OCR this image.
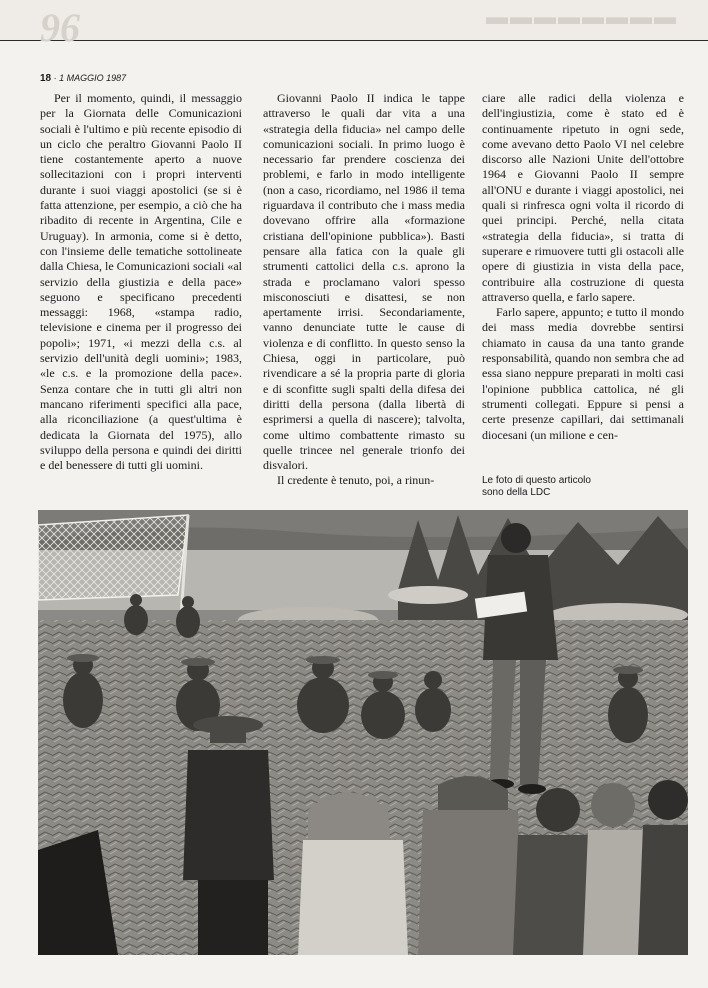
96	▬▬▬▬▬▬▬▬
18 · 1 MAGGIO 1987

Per il momento, quindi, il messaggio per la Giornata delle Comunicazioni sociali è l'ultimo e più recente episodio di un ciclo che peraltro Giovanni Paolo II tiene costantemente aperto a nuove sollecitazioni con i propri interventi durante i suoi viaggi apostolici (se si è fatta attenzione, per esempio, a ciò che ha ribadito di recente in Argentina, Cile e Uruguay). In armonia, come si è detto, con l'insieme delle tematiche sottolineate dalla Chiesa, le Comunicazioni sociali «al servizio della giustizia e della pace» seguono e specificano precedenti messaggi: 1968, «stampa radio, televisione e cinema per il progresso dei popoli»; 1971, «i mezzi della c.s. al servizio dell'unità degli uomini»; 1983, «le c.s. e la promozione della pace». Senza contare che in tutti gli altri non mancano riferimenti specifici alla pace, alla riconciliazione (a quest'ultima è dedicata la Giornata del 1975), allo sviluppo della persona e quindi dei diritti e del benessere di tutti gli uomini.

Giovanni Paolo II indica le tappe attraverso le quali dar vita a una «strategia della fiducia» nel campo delle comunicazioni sociali. In primo luogo è necessario far prendere coscienza dei problemi, e farlo in modo intelligente (non a caso, ricordiamo, nel 1986 il tema riguardava il contributo che i mass media dovevano offrire alla «formazione cristiana dell'opinione pubblica»). Basti pensare alla fatica con la quale gli strumenti cattolici della c.s. aprono la strada e proclamano valori spesso misconosciuti e disattesi, se non apertamente irrisi. Secondariamente, vanno denunciate tutte le cause di violenza e di conflitto. In questo senso la Chiesa, oggi in particolare, può rivendicare a sé la propria parte di gloria e di sconfitte sugli spalti della difesa dei diritti della persona (dalla libertà di esprimersi a quella di nascere); talvolta, come ultimo combattente rimasto su quelle trincee nel generale trionfo dei disvalori.

Il credente è tenuto, poi, a rinun-

ciare alle radici della violenza e dell'ingiustizia, come è stato ed è continuamente ripetuto in ogni sede, come avevano detto Paolo VI nel celebre discorso alle Nazioni Unite dell'ottobre 1964 e Giovanni Paolo II sempre all'ONU e durante i viaggi apostolici, nei quali si rinfresca ogni volta il ricordo di quei principi. Perché, nella citata «strategia della fiducia», si tratta di superare e rimuovere tutti gli ostacoli alle opere di giustizia in vista della pace, contribuire alla costruzione di questa attraverso quella, e farlo sapere.

Farlo sapere, appunto; e tutto il mondo dei mass media dovrebbe sentirsi chiamato in causa da una tanto grande responsabilità, quando non sembra che ad essa siano neppure preparati in molti casi l'opinione pubblica cattolica, né gli strumenti collegati. Eppure si pensi a certe presenze capillari, dai settimanali diocesani (un milione e cen-

Le foto di questo articolo
sono della LDC
